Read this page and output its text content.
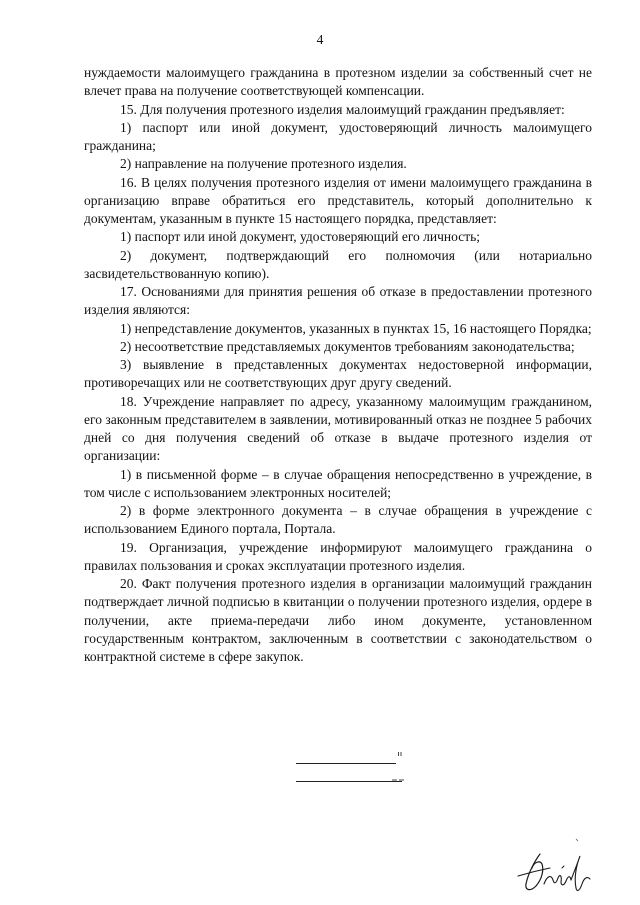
4

нуждаемости малоимущего гражданина в протезном изделии за собственный счет не влечет права на получение соответствующей компенсации.

15. Для получения протезного изделия малоимущий гражданин предъявляет:

1) паспорт или иной документ, удостоверяющий личность малоимущего гражданина;

2) направление на получение протезного изделия.

16. В целях получения протезного изделия от имени малоимущего гражданина в организацию вправе обратиться его представитель, который дополнительно к документам, указанным в пункте 15 настоящего порядка, представляет:

1) паспорт или иной документ, удостоверяющий его личность;

2) документ, подтверждающий его полномочия (или нотариально засвидетельствованную копию).

17. Основаниями для принятия решения об отказе в предоставлении протезного изделия являются:

1) непредставление документов, указанных в пунктах 15, 16 настоящего Порядка;

2) несоответствие представляемых документов требованиям законодательства;

3) выявление в представленных документах недостоверной информации, противоречащих или не соответствующих друг другу сведений.

18. Учреждение направляет по адресу, указанному малоимущим гражданином, его законным представителем в заявлении, мотивированный отказ не позднее 5 рабочих дней со дня получения сведений об отказе в выдаче протезного изделия от организации:

1) в письменной форме – в случае обращения непосредственно в учреждение, в том числе с использованием электронных носителей;

2) в форме электронного документа – в случае обращения в учреждение с использованием Единого портала, Портала.

19. Организация, учреждение информируют малоимущего гражданина о правилах пользования и сроках эксплуатации протезного изделия.

20. Факт получения протезного изделия в организации малоимущий гражданин подтверждает личной подписью в квитанции о получении протезного изделия, ордере в получении, акте приема-передачи либо ином документе, установленном государственным контрактом, заключенным в соответствии с законодательством о контрактной системе в сфере закупок.
